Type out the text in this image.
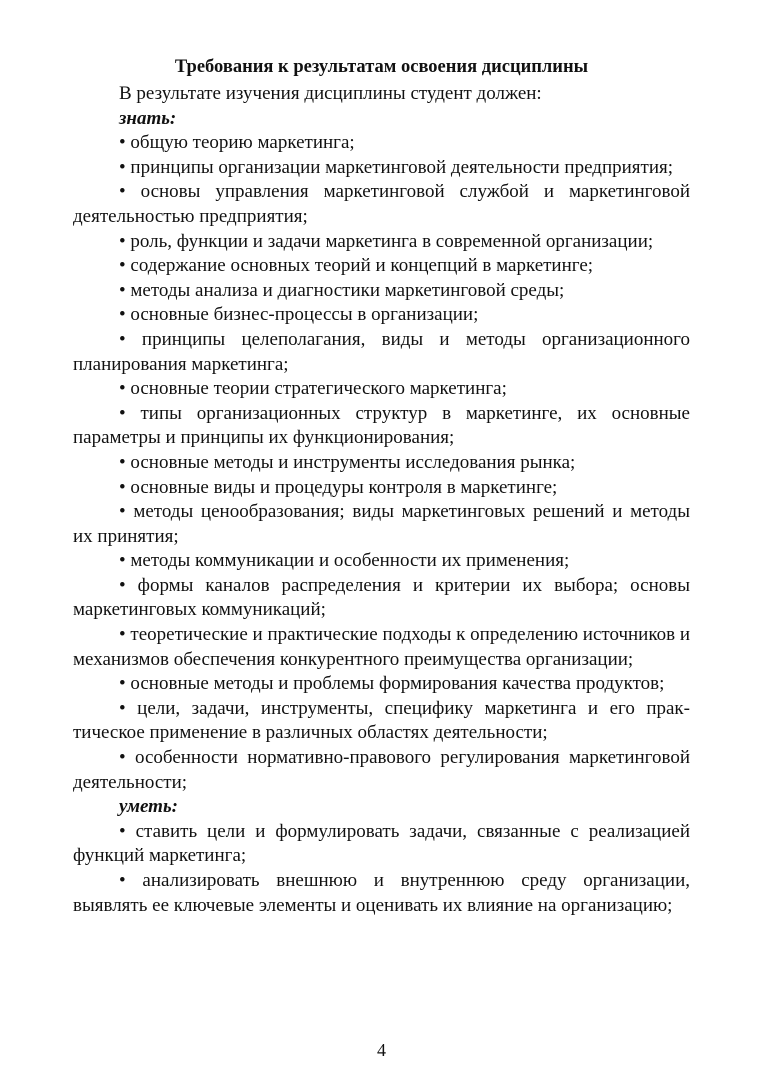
Требования к результатам освоения дисциплины

В результате изучения дисциплины студент должен:

знать:

• общую теорию маркетинга;
• принципы организации маркетинговой деятельности предприятия;
• основы управления маркетинговой службой и маркетинговой деятельностью предприятия;
• роль, функции и задачи маркетинга в современной организации;
• содержание основных теорий и концепций в маркетинге;
• методы анализа и диагностики маркетинговой среды;
• основные бизнес-процессы в организации;
• принципы целеполагания, виды и методы организационного планирования маркетинга;
• основные теории стратегического маркетинга;
• типы организационных структур в маркетинге, их основные параметры и принципы их функционирования;
• основные методы и инструменты исследования рынка;
• основные виды и процедуры контроля в маркетинге;
• методы ценообразования; виды маркетинговых решений и методы их принятия;
• методы коммуникации и особенности их применения;
• формы каналов распределения и критерии их выбора; основы маркетинговых коммуникаций;
• теоретические и практические подходы к определению источников и механизмов обеспечения конкурентного преимущества организации;
• основные методы и проблемы формирования качества продуктов;
• цели, задачи, инструменты, специфику маркетинга и его практическое применение в различных областях деятельности;
• особенности нормативно-правового регулирования маркетинговой деятельности;

уметь:

• ставить цели и формулировать задачи, связанные с реализацией функций маркетинга;
• анализировать внешнюю и внутреннюю среду организации, выявлять ее ключевые элементы и оценивать их влияние на организацию;
4
